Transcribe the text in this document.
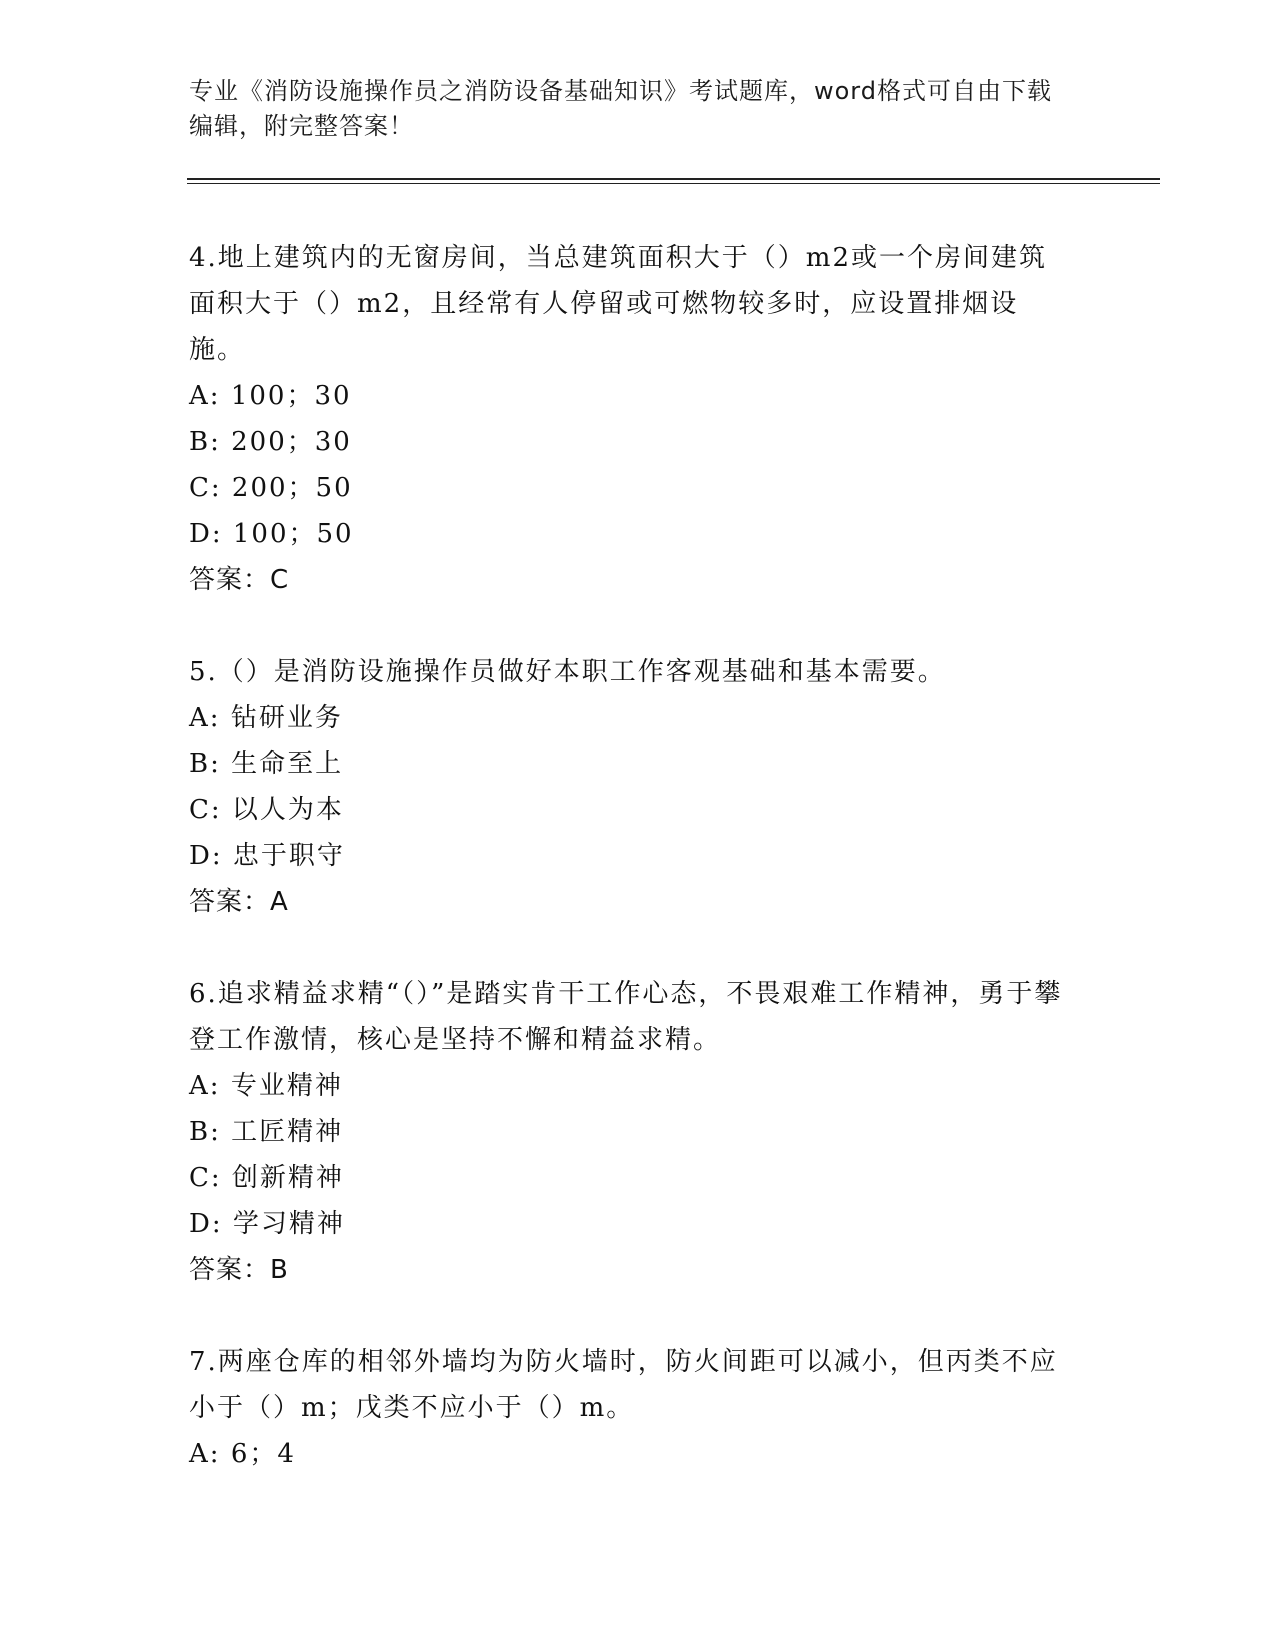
专业《消防设施操作员之消防设备基础知识》考试题库，word格式可自由下载编辑，附完整答案！
4.地上建筑内的无窗房间，当总建筑面积大于（）m2或一个房间建筑面积大于（）m2，且经常有人停留或可燃物较多时，应设置排烟设施。
A: 100；30
B: 200；30
C: 200；50
D: 100；50
答案：C
5.（）是消防设施操作员做好本职工作客观基础和基本需要。
A: 钻研业务
B: 生命至上
C: 以人为本
D: 忠于职守
答案：A
6.追求精益求精“（）”是踏实肯干工作心态，不畏艰难工作精神，勇于攀登工作激情，核心是坚持不懈和精益求精。
A: 专业精神
B: 工匠精神
C: 创新精神
D: 学习精神
答案：B
7.两座仓库的相邻外墙均为防火墙时，防火间距可以减小，但丙类不应小于（）m；戊类不应小于（）m。
A: 6；4
